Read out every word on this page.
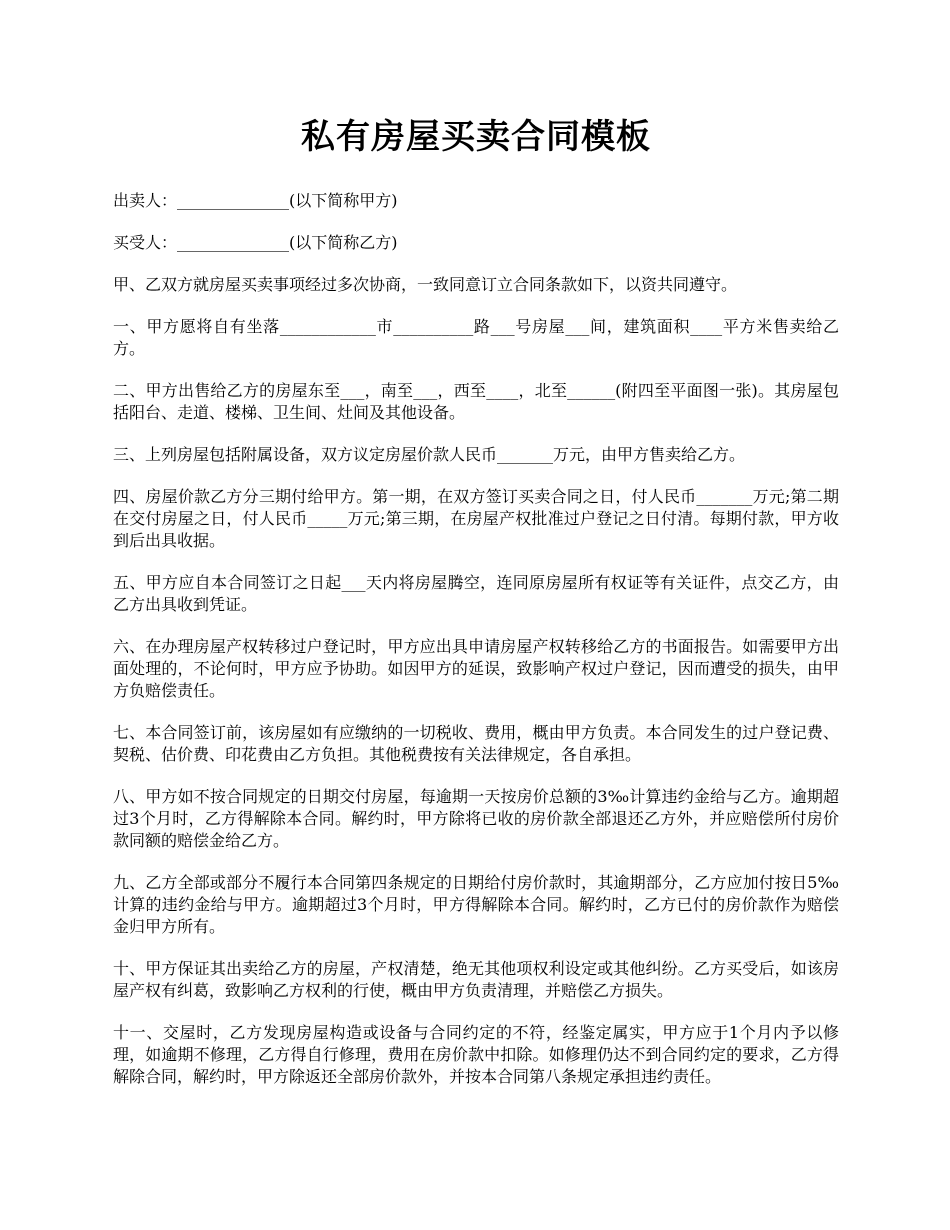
私有房屋买卖合同模板

出卖人：______________(以下简称甲方)

买受人：______________(以下简称乙方)

甲、乙双方就房屋买卖事项经过多次协商，一致同意订立合同条款如下，以资共同遵守。

一、甲方愿将自有坐落____________市__________路___号房屋___间，建筑面积____平方米售卖给乙方。

二、甲方出售给乙方的房屋东至___，南至___，西至____，北至______(附四至平面图一张)。其房屋包括阳台、走道、楼梯、卫生间、灶间及其他设备。

三、上列房屋包括附属设备，双方议定房屋价款人民币_______万元，由甲方售卖给乙方。

四、房屋价款乙方分三期付给甲方。第一期，在双方签订买卖合同之日，付人民币_______万元;第二期在交付房屋之日，付人民币_____万元;第三期，在房屋产权批准过户登记之日付清。每期付款，甲方收到后出具收据。

五、甲方应自本合同签订之日起___天内将房屋腾空，连同原房屋所有权证等有关证件，点交乙方，由乙方出具收到凭证。

六、在办理房屋产权转移过户登记时，甲方应出具申请房屋产权转移给乙方的书面报告。如需要甲方出面处理的，不论何时，甲方应予协助。如因甲方的延误，致影响产权过户登记，因而遭受的损失，由甲方负赔偿责任。

七、本合同签订前，该房屋如有应缴纳的一切税收、费用，概由甲方负责。本合同发生的过户登记费、契税、估价费、印花费由乙方负担。其他税费按有关法律规定，各自承担。

八、甲方如不按合同规定的日期交付房屋，每逾期一天按房价总额的3‰计算违约金给与乙方。逾期超过3个月时，乙方得解除本合同。解约时，甲方除将已收的房价款全部退还乙方外，并应赔偿所付房价款同额的赔偿金给乙方。

九、乙方全部或部分不履行本合同第四条规定的日期给付房价款时，其逾期部分，乙方应加付按日5‰计算的违约金给与甲方。逾期超过3个月时，甲方得解除本合同。解约时，乙方已付的房价款作为赔偿金归甲方所有。

十、甲方保证其出卖给乙方的房屋，产权清楚，绝无其他项权利设定或其他纠纷。乙方买受后，如该房屋产权有纠葛，致影响乙方权利的行使，概由甲方负责清理，并赔偿乙方损失。

十一、交屋时，乙方发现房屋构造或设备与合同约定的不符，经鉴定属实，甲方应于1个月内予以修理，如逾期不修理，乙方得自行修理，费用在房价款中扣除。如修理仍达不到合同约定的要求，乙方得解除合同，解约时，甲方除返还全部房价款外，并按本合同第八条规定承担违约责任。
